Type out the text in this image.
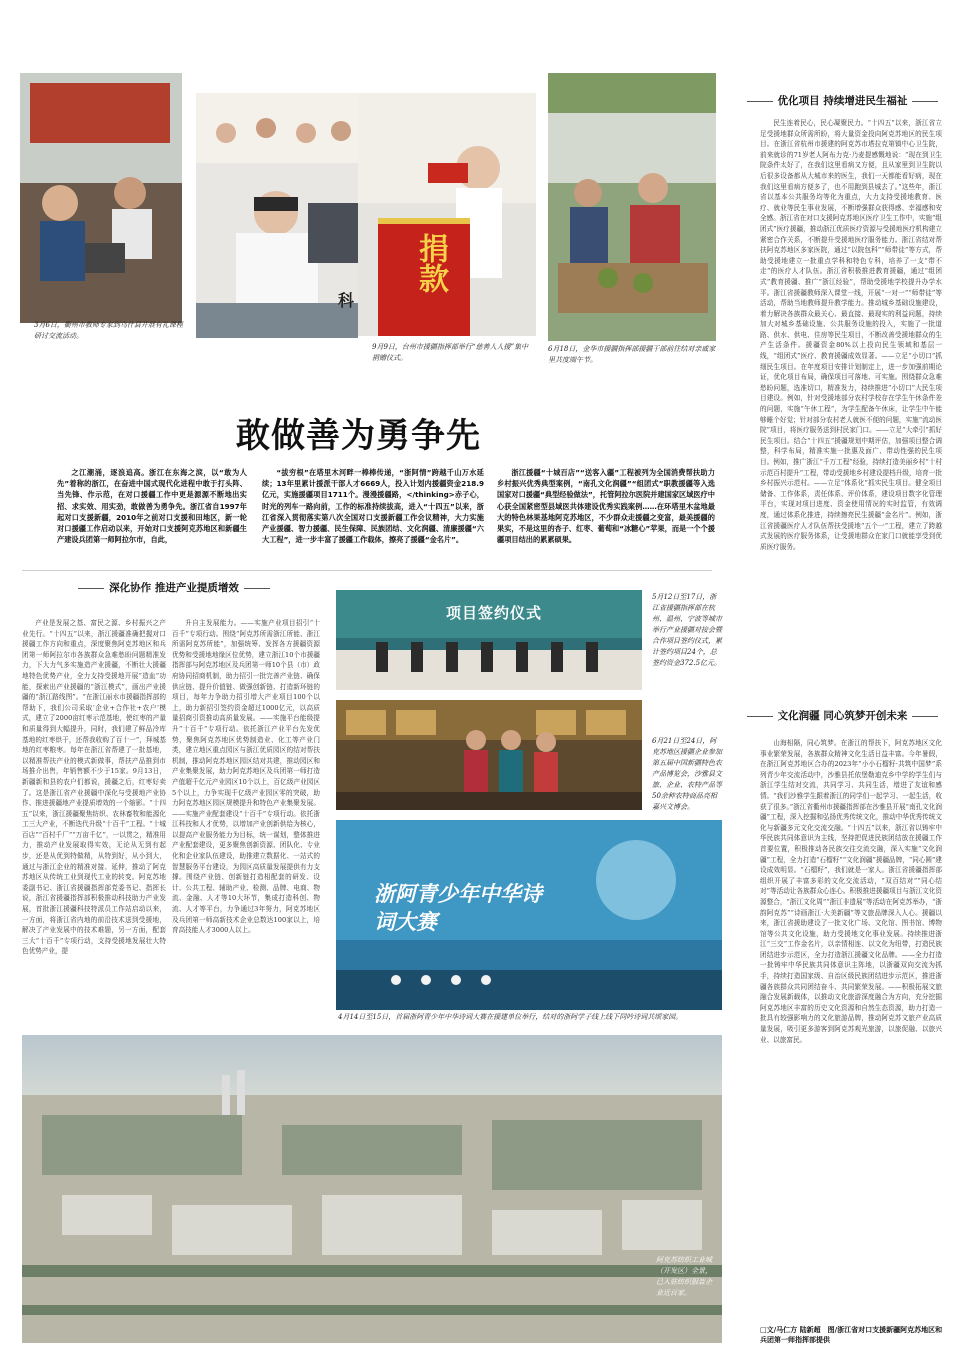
捐款
科
3月6日，衢州市教师专家到乌什县开展有礼课程研讨交流活动。
9月9日，台州市援疆指挥部举行“慈善人人援”集中捐赠仪式。
6月18日，金华市援疆指挥部援疆干部前往结对亲戚家里共度端午节。
敢做善为勇争先

之江潮涌，逐浪追高。浙江在东海之滨，以“敢为人先”着称的浙江，在奋进中国式现代化进程中敢于打头阵、当先锋、作示范，在对口援疆工作中更是源源不断地出实招、求实效、用实劲，敢做善为勇争先。浙江省自1997年起对口支援新疆，2010年之前对口支援和田地区，新一轮对口援疆工作启动以来，开始对口支援阿克苏地区和新疆生产建设兵团第一师阿拉尔市，自此，

“拔穷根”在塔里木河畔一棒棒传递，“浙阿情”跨越千山万水延续；13年里累计援派干部人才6669人，投入计划内援疆资金218.9亿元，实施援疆项目1711个。漫漫援疆路，</thinking>赤子心，时光的列车一路向前，工作的标准持续拔高，进入“十四五”以来，浙江省深入贯彻落实第八次全国对口支援新疆工作会议精神，大力实施产业援疆、智力援疆、民生保障、民族团结、文化润疆、清廉援疆“六大工程”，进一步丰富了援疆工作载体，擦亮了援疆“金名片”。

浙江援疆“十城百店”“送客入疆”工程被列为全国消费帮扶助力乡村振兴优秀典型案例，“南孔文化润疆”“组团式”职教援疆等入选国家对口援疆“典型经验做法”，托管阿拉尔医院并建国家区域医疗中心获全国紧密型县域医共体建设优秀实践案例……在环塔里木盆地最大的特色林果基地阿克苏地区，不少群众走援疆之变富，最美援疆的果实，不是这里的杏子、红枣、葡萄和“冰糖心”苹果，而是一个个援疆项目结出的累累硕果。

优化项目 持续增进民生福祉

民生连着民心，民心凝聚民力。“十四五”以来，浙江省立足受援地群众所需所盼，将大量资金投向阿克苏地区的民生项目。在浙江省杭州市援建的阿克苏市塔拉克第镇中心卫生院，前来就诊的71岁老人阿布力克·乃麦提感慨地说：“现在到卫生院条件太好了，在我们这里看病又方便，且从家里到卫生院以后很多设备都从大城市来的医生，我们一天都能看好病，现在我们这里看病方便多了，也不用跑到县城去了。”这些年，浙江省以基本公共服务均等化为重点，大力支持受援地教育、医疗、就业等民生事业发展，不断增强群众获得感、幸福感和安全感。浙江省在对口支援阿克苏地区医疗卫生工作中，实施“组团式”医疗援疆，推动浙江优质医疗资源与受援地医疗机构建立紧密合作关系，不断提升受援地医疗服务能力。浙江省结对帮扶阿克苏地区多家医院，通过“以院包科”“师带徒”等方式，帮助受援地建立一批重点学科和特色专科，培养了一支“带不走”的医疗人才队伍。浙江省积极推进教育援疆，通过“组团式”教育援疆、推广“浙江经验”，帮助受援地学校提升办学水平。浙江省援疆教师深入课堂一线，开展“一对一”“师带徒”等活动，帮助当地教师提升教学能力。推动城乡基础设施建设，着力解决各族群众最关心、最直接、最现实的利益问题，持续加大对城乡基础设施、公共服务设施的投入，实施了一批道路、供水、供电、住房等民生项目，不断改善受援地群众的生产生活条件。援疆资金80%以上投向民生领域和基层一线，“组团式”医疗、教育援疆成效显著。——立足“小切口”抓细民生项目。在年度项目安排计划制定上，进一步加强前期论证，优化项目布局，确保项目可落地、可实施。围绕群众急难愁盼问题，选准切口，精准发力，持续推进“小切口”大民生项目建设。例如，针对受援地部分农村学校存在学生午休条件差的问题，实施“午休工程”，为学生配备午休床，让学生中午能够睡个好觉；针对部分农村老人就医不便的问题，实施“流动医院”项目，将医疗服务送到村民家门口。——立足“大牵引”抓好民生项目。结合“十四五”援疆规划中期评估，加强项目整合调整，科学布局，精准实施一批惠及面广、带动性强的民生项目。例如，推广浙江“千万工程”经验，持续打造美丽乡村“十村示范百村提升”工程，带动受援地乡村建设提档升级，培育一批乡村振兴示范村。——立足“体系化”抓实民生项目。健全项目储备、工作体系，责任体系、评价体系，建设项目数字化管理平台，实现对项目进度、资金使用情况的实时监管，有效调度，通过体系化推进，持续擦亮民生援疆“金名片”。例如，浙江省援疆医疗人才队伍帮扶受援地“五个一”工程，建立了跨越式发展的医疗服务体系，让受援地群众在家门口就能享受到优质医疗服务。

文化润疆 同心筑梦开创未来

山海相隔，同心筑梦。在浙江的帮扶下，阿克苏地区文化事业繁荣发展，各族群众精神文化生活日益丰富。今年暑假，在浙江阿克苏地区合办的2023年“小小石榴籽·共筑中国梦”系列青少年交流活动中，沙雅县托依堡勒迪克乡中学的学生们与浙江学生结对交流，共同学习、共同生活，增进了友谊和感情。“我们沙雅学生跟着浙江的同学们一起学习、一起生活，收获了很多。”浙江省衢州市援疆指挥部在沙雅县开展“南孔文化润疆”工程，深入挖掘和弘扬优秀传统文化，推动中华优秀传统文化与新疆多元文化交流交融。“十四五”以来，浙江省以铸牢中华民族共同体意识为主线，坚持把促进民族团结放在援疆工作首要位置，积极推动各民族交往交流交融，深入实施“文化润疆”工程，全力打造“石榴籽”“文化润疆”援疆品牌，“同心圆”建设成效明显。“石榴籽”，我们就是一家人。浙江省援疆指挥部组织开展了丰富多彩的文化交流活动，“双百结对”“同心结对”等活动让各族群众心连心。积极推进援疆项目与浙江文化资源整合，“浙江文化周”“浙江非遗展”等活动在阿克苏举办，“浙韵阿克苏”“诗画浙江·大美新疆”等文旅品牌深入人心。援疆以来，浙江省援助建设了一批文化广场、文化馆、图书馆、博物馆等公共文化设施，助力受援地文化事业发展。持续推进浙江“三交”工作金名片，以亲情相连、以文化为纽带，打造民族团结进步示范区，全力打造浙江援疆文化品牌。——全力打造一批铸牢中华民族共同体意识主阵地，以浙疆双向交流为抓手，持续打造国家级、自治区级民族团结进步示范区，推进浙疆各族群众共同团结奋斗、共同繁荣发展。——积极拓展文旅融合发展新载体，以推动文化旅游深度融合为方向，充分挖掘阿克苏地区丰富的历史文化资源和自然生态资源，助力打造一批具有较强影响力的文化旅游品牌，推动阿克苏文旅产业高质量发展，吸引更多游客到阿克苏观光旅游，以旅促融、以旅兴业、以旅富民。

□文/马仁方 陆新超　图/浙江省对口支援新疆阿克苏地区和兵团第一师指挥部提供
深化协作 推进产业提质增效

产业是发展之基、富民之源、乡村振兴之产业先行。“十四五”以来，浙江援疆准确把握对口援疆工作方向和重点，深度聚焦阿克苏地区和兵团第一师阿拉尔市各族群众急难愁盼问题精准发力，下大力气多实施造产业援疆，不断壮大援疆地特色优势产业，全力支持受援地开展“造血”功能，探索出产业援疆的“浙江模式”，画出产业援疆的“浙江路线图”。“在浙江丽水市援疆指挥部的帮助下，我们公司采取‘企业+合作社+农户’模式，建立了2000亩红枣示范基地，使红枣的产量和质量得到大幅提升，同时，我们建了鲜品冷库基地的红枣烘干，还帮我收购了百十一”，拜城基地的红枣粮枣。每年在浙江省帮建了一批基地，以精准帮扶产业的模式新做事，帮扶产品推到市场推介出售，年销售额不少于15家。9月13日，新疆新和县的农户们都说，援疆之后，红枣好卖了。这是浙江省产业援疆中深化与受援地产业协作、推进援疆地产业提质增效的一个缩影。“十四五”以来，浙江援疆聚焦纺织、农林畜牧和能源化工三大产业，不断迭代升级“十百千”工程。“十城百店”“百村千厂”“万亩千亿”，一以贯之，精准用力，推动产业发展取得实效，无论从无到有起步，还是从优到特做精，从特到好，从小到大，通过与浙江企业的精准对接、延伸，推动了阿克苏地区从传统工业到现代工业的转变。阿克苏地委副书记、浙江省援疆指挥部党委书记、指挥长说，浙江省援疆指挥部积极推动科技助力产业发展，首批浙江援疆科技特派员工作站启动以来，一方面，将浙江省内地的前沿技术送到受援地，解决了产业发展中的技术难题，另一方面，配套三大“十百千”专项行动，支持受援地发展壮大特色优势产业，提

升自主发展能力。——实施产业项目招引“十百千”专项行动。围绕“阿克苏所需浙江所能、浙江所需阿克苏所能”，加强统筹、发挥各方援疆资源优势和受援地地缘区位优势，建立浙江10个市援疆指挥部与阿克苏地区及兵团第一师10个县（市）政府协同招商机制，助力招引一批完善产业链、确保供应链、提升价值链、做强创新链、打造新环链的项目，每年力争助力招引增大产业项目100个以上，助力新招引签约资金超过1000亿元，以高质量招商引资推动高质量发展。——实施平台能级提升“十百千”专项行动。依托浙江产业平台先发优势，聚焦阿克苏地区优势制造业、化工等产业门类，建立地区重点园区与浙江优质园区的结对帮扶机制，推动阿克苏地区园区结对共建，推动园区和产业集聚发展，助力阿克苏地区及兵团第一师打造产值超千亿元产业园区10个以上，百亿级产业园区5个以上，力争实现千亿级产业园区零的突破，助力阿克苏地区园区规模提升和特色产业集聚发展。——实施产业配套建设“十百千”专项行动。依托浙江科技和人才优势，以增加产业创新供给为核心，以提高产业服务能力为目标，统一谋划，整体推进产业配套建设，更多聚焦创新资源、团队化、专业化和企业家队伍建设，助推建立数据化、一站式的智慧服务平台建设，为园区高质量发展提供有力支撑。围绕产业链、创新链打造相配套的研发、设计、公共工程、辅助产业、检测、品牌、电商、物流、金融、人才等10大环节，集成打造科创、物流、人才等平台，力争通过3年努力，阿克苏地区及兵团第一师高新技术企业总数达100家以上，培育高技能人才3000人以上。

项目签约仪式
5月12日至17日，浙江省援疆指挥部在杭州、温州、宁波等城市举行产业援疆对接会暨合作项目签约仪式，累计签约项目24个，总签约资金372.5亿元。
6月21日至24日，阿克苏地区援疆企业参加第五届中国新疆特色农产品博览会，沙雅县文旅、企业、农特产品等50余种农特商品亮相嘉兴文博会。
浙阿青少年中华诗词大赛
4月14日至15日，首届浙阿青少年中华诗词大赛在援建单位举行，结对的浙阿学子线上线下同吟诗词共颂家园。
阿克苏纺织工业城（开发区）全景，已入驻纺织服装企业近百家。
